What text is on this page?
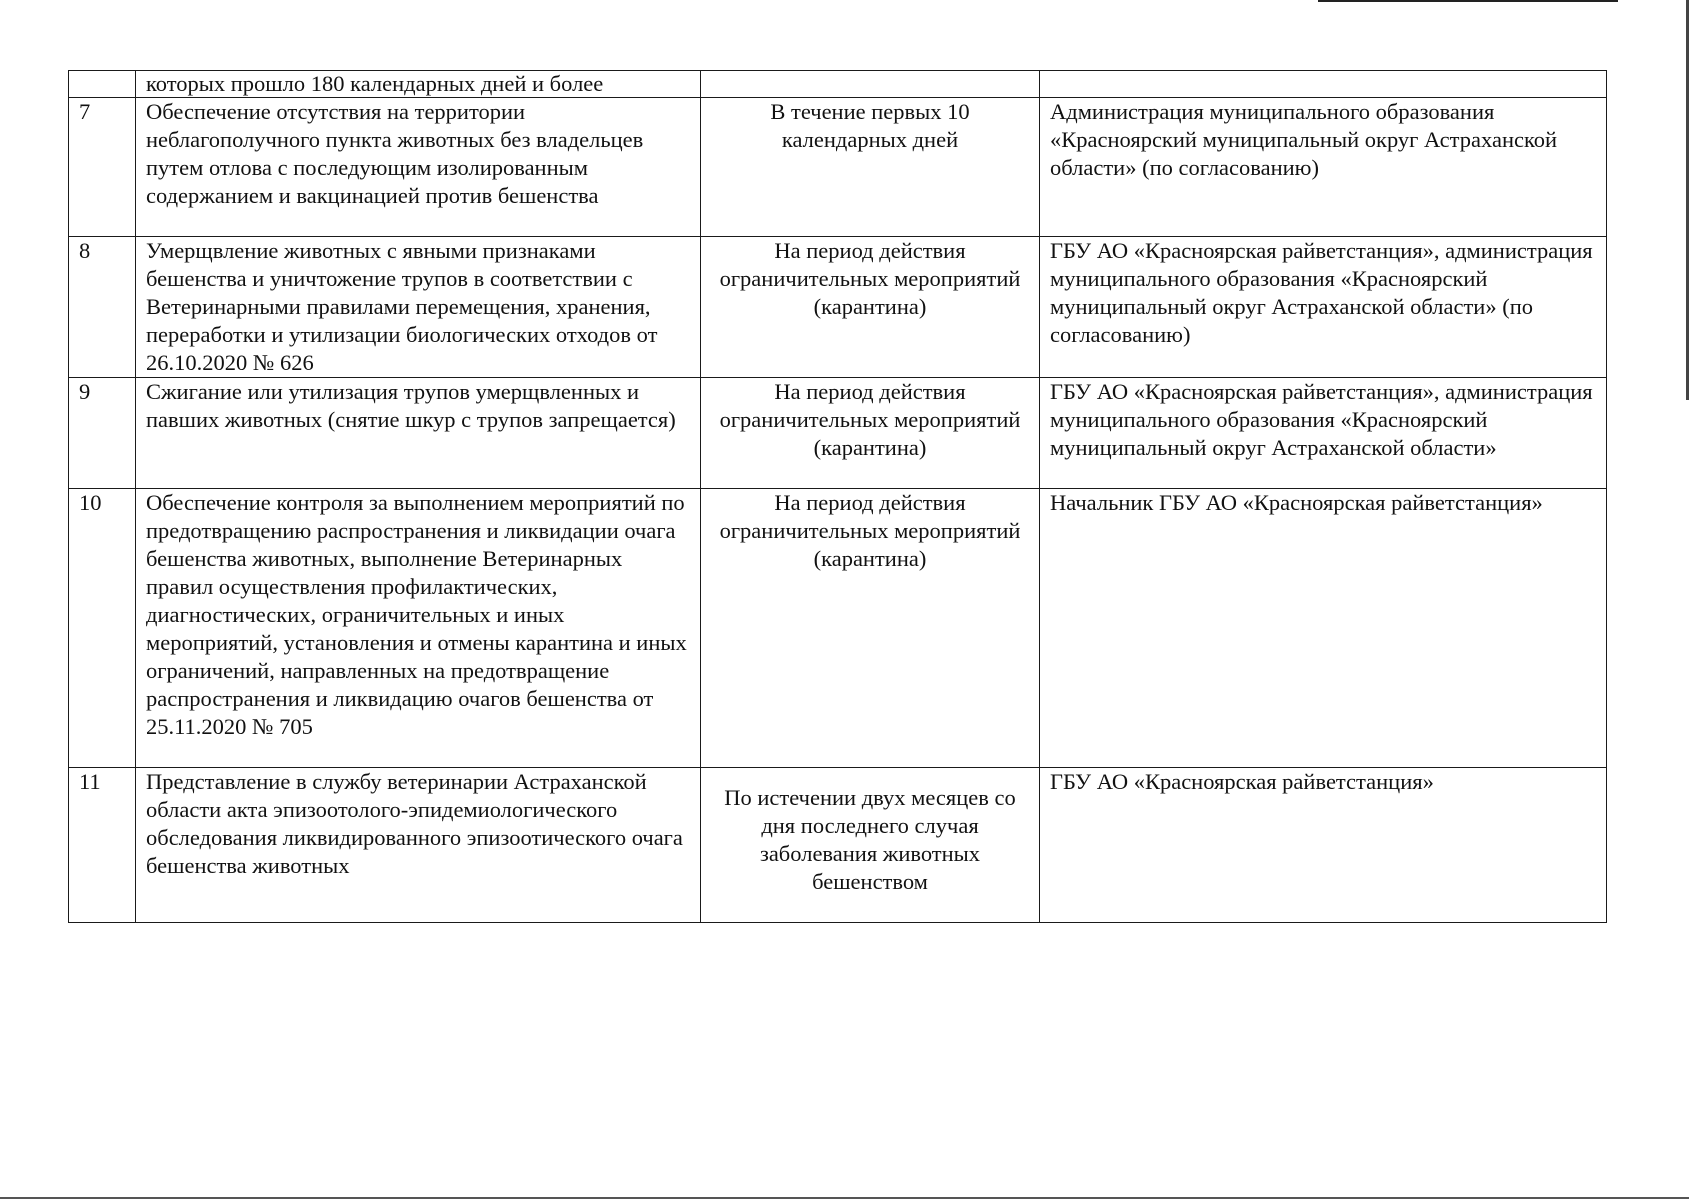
	которых прошло 180 календарных дней и более		
7	Обеспечение отсутствия на территории неблагополучного пункта животных без владельцев путем отлова с последующим изолированным содержанием и вакцинацией против бешенства	В течение первых 10 календарных дней	Администрация муниципального образования «Красноярский муниципальный округ Астраханской области» (по согласованию)
8	Умерщвление животных с явными признаками бешенства и уничтожение трупов в соответствии с Ветеринарными правилами перемещения, хранения, переработки и утилизации биологических отходов от 26.10.2020 № 626	На период действия ограничительных мероприятий (карантина)	ГБУ АО «Красноярская райветстанция», администрация муниципального образования «Красноярский муниципальный округ Астраханской области» (по согласованию)
9	Сжигание или утилизация трупов умерщвленных и павших животных (снятие шкур с трупов запрещается)	На период действия ограничительных мероприятий (карантина)	ГБУ АО «Красноярская райветстанция», администрация муниципального образования «Красноярский муниципальный округ Астраханской области»
10	Обеспечение контроля за выполнением мероприятий по предотвращению распространения и ликвидации очага бешенства животных, выполнение Ветеринарных правил осуществления профилактических, диагностических, ограничительных и иных мероприятий, установления и отмены карантина и иных ограничений, направленных на предотвращение распространения и ликвидацию очагов бешенства от 25.11.2020 № 705	На период действия ограничительных мероприятий (карантина)	Начальник ГБУ АО «Красноярская райветстанция»
11	Представление в службу ветеринарии Астраханской области акта эпизоотолого-эпидемиологического обследования ликвидированного эпизоотического очага бешенства животных	По истечении двух месяцев со дня последнего случая заболевания животных бешенством	ГБУ АО «Красноярская райветстанция»
